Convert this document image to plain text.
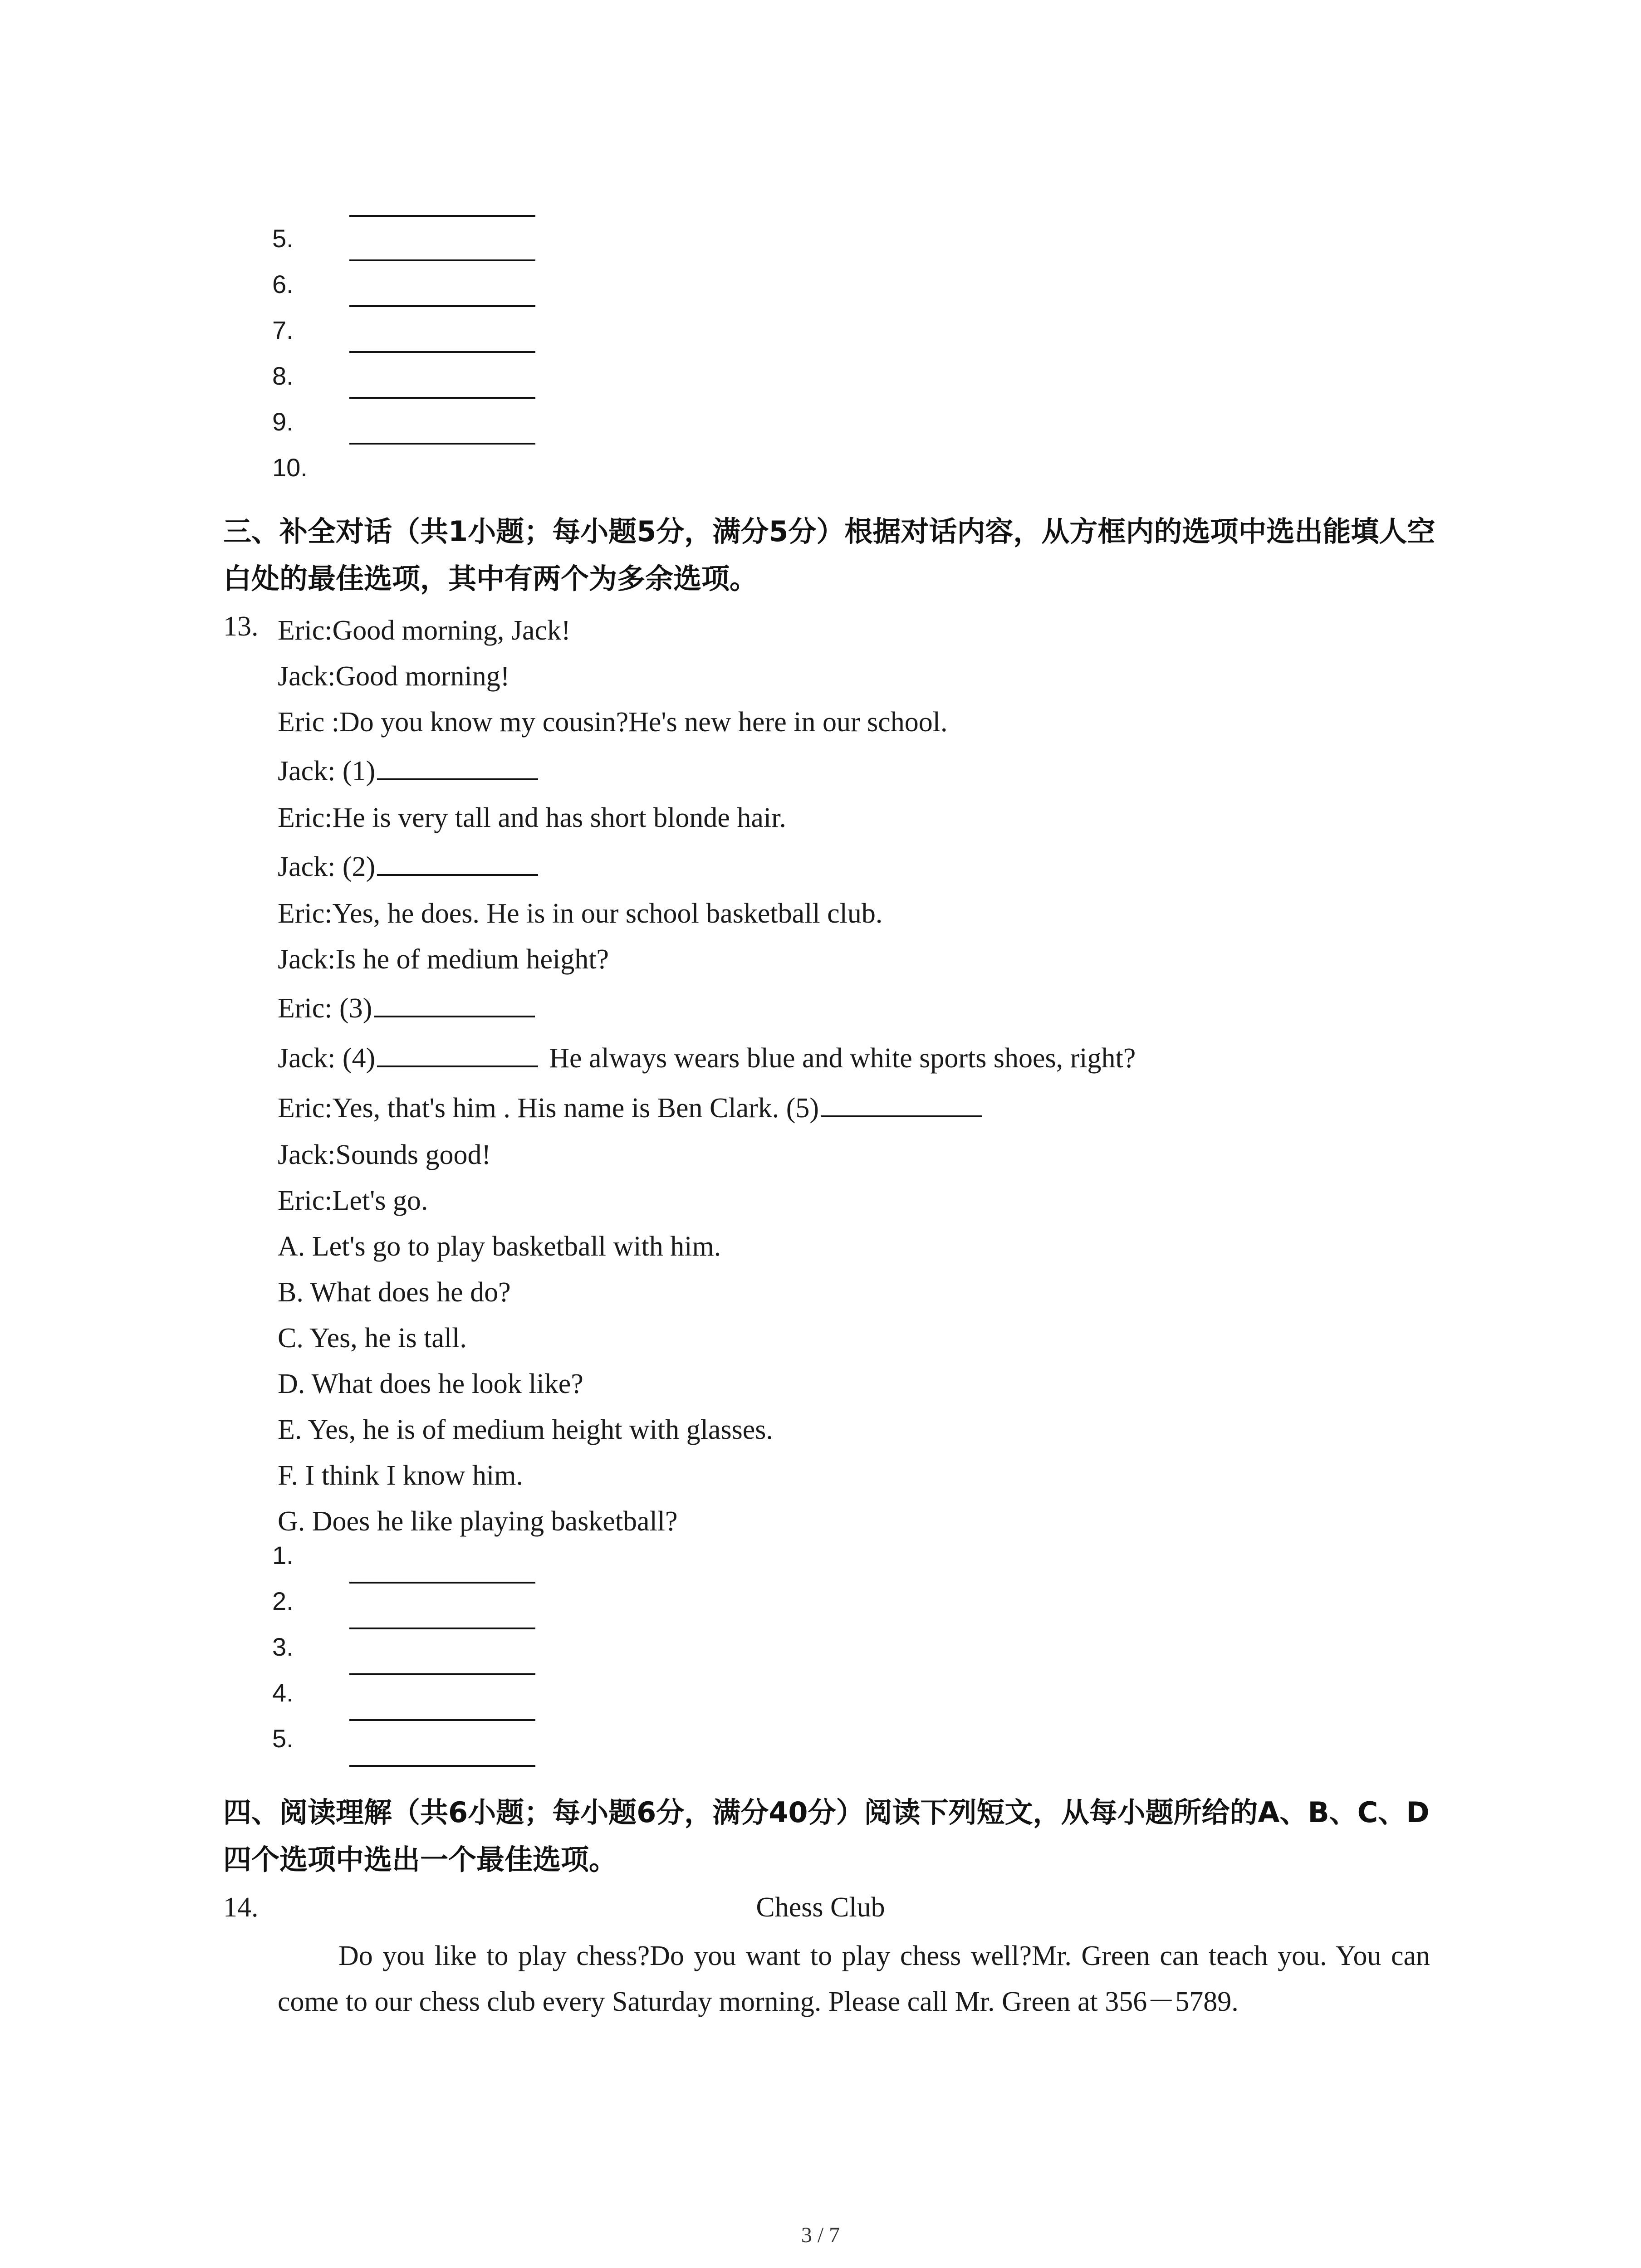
5.
6.
7.
8.
9.
10.
三、补全对话（共1小题；每小题5分，满分5分）根据对话内容，从方框内的选项中选出能填人空白处的最佳选项，其中有两个为多余选项。
13. Eric:Good morning, Jack!
Jack:Good morning!
Eric :Do you know my cousin?He's new here in our school.
Jack: (1)
Eric:He is very tall and has short blonde hair.
Jack: (2)
Eric:Yes, he does. He is in our school basketball club.
Jack:Is he of medium height?
Eric: (3)
Jack: (4)	He always wears blue and white sports shoes, right?
Eric:Yes, that's him . His name is Ben Clark. (5)
Jack:Sounds good!
Eric:Let's go.
A. Let's go to play basketball with him.
B. What does he do?
C. Yes, he is tall.
D. What does he look like?
E. Yes, he is of medium height with glasses.
F. I think I know him.
G. Does he like playing basketball?
1.
2.
3.
4.
5.
四、阅读理解（共6小题；每小题6分，满分40分）阅读下列短文，从每小题所给的A、B、C、D四个选项中选出一个最佳选项。
14.	Chess Club
Do you like to play chess?Do you want to play chess well?Mr. Green can teach you. You can come to our chess club every Saturday morning. Please call Mr. Green at 356－5789.
3 / 7
